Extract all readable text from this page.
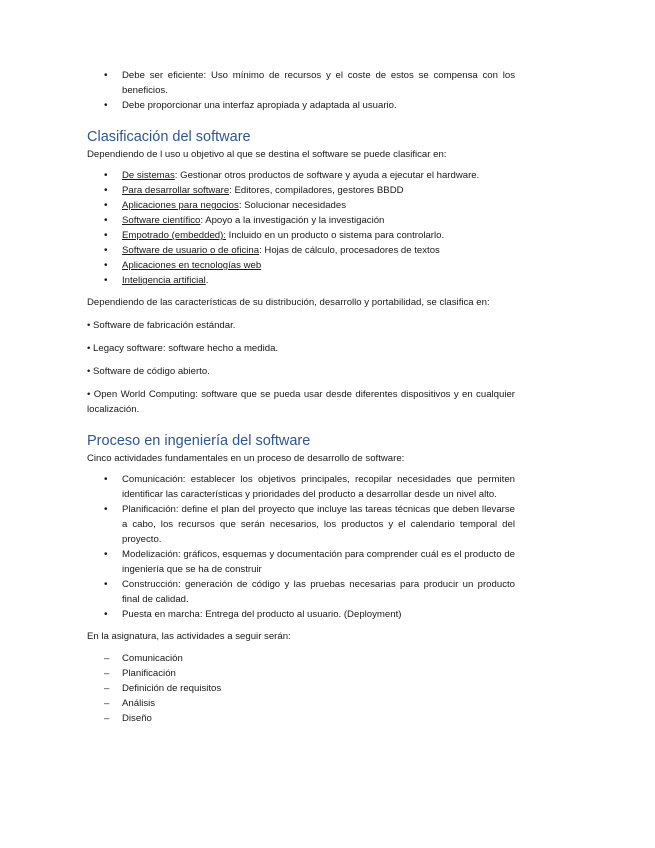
• Debe ser eficiente: Uso mínimo de recursos y el coste de estos se compensa con los beneficios.
• Debe proporcionar una interfaz apropiada y adaptada al usuario.
Clasificación del software

Dependiendo de l uso u objetivo al que se destina el software se puede clasificar en:

• De sistemas: Gestionar otros productos de software y ayuda a ejecutar el hardware.
• Para desarrollar software: Editores, compiladores, gestores BBDD
• Aplicaciones para negocios: Solucionar necesidades
• Software científico: Apoyo a la investigación y la investigación
• Empotrado (embedded): Incluido en un producto o sistema para controlarlo.
• Software de usuario o de oficina: Hojas de cálculo, procesadores de textos
• Aplicaciones en tecnologías web
• Inteligencia artificial.

Dependiendo de las características de su distribución, desarrollo y portabilidad, se clasifica en:

• Software de fabricación estándar.

• Legacy software: software hecho a medida.

• Software de código abierto.

• Open World Computing: software que se pueda usar desde diferentes dispositivos y en cualquier localización.

Proceso en ingeniería del software

Cinco actividades fundamentales en un proceso de desarrollo de software:

• Comunicación: establecer los objetivos principales, recopilar necesidades que permiten identificar las características y prioridades del producto a desarrollar desde un nivel alto.
• Planificación: define el plan del proyecto que incluye las tareas técnicas que deben llevarse a cabo, los recursos que serán necesarios, los productos y el calendario temporal del proyecto.
• Modelización: gráficos, esquemas y documentación para comprender cuál es el producto de ingeniería que se ha de construir
• Construcción: generación de código y las pruebas necesarias para producir un producto final de calidad.
• Puesta en marcha: Entrega del producto al usuario. (Deployment)

En la asignatura, las actividades a seguir serán:

– Comunicación
– Planificación
– Definición de requisitos
– Análisis
– Diseño
